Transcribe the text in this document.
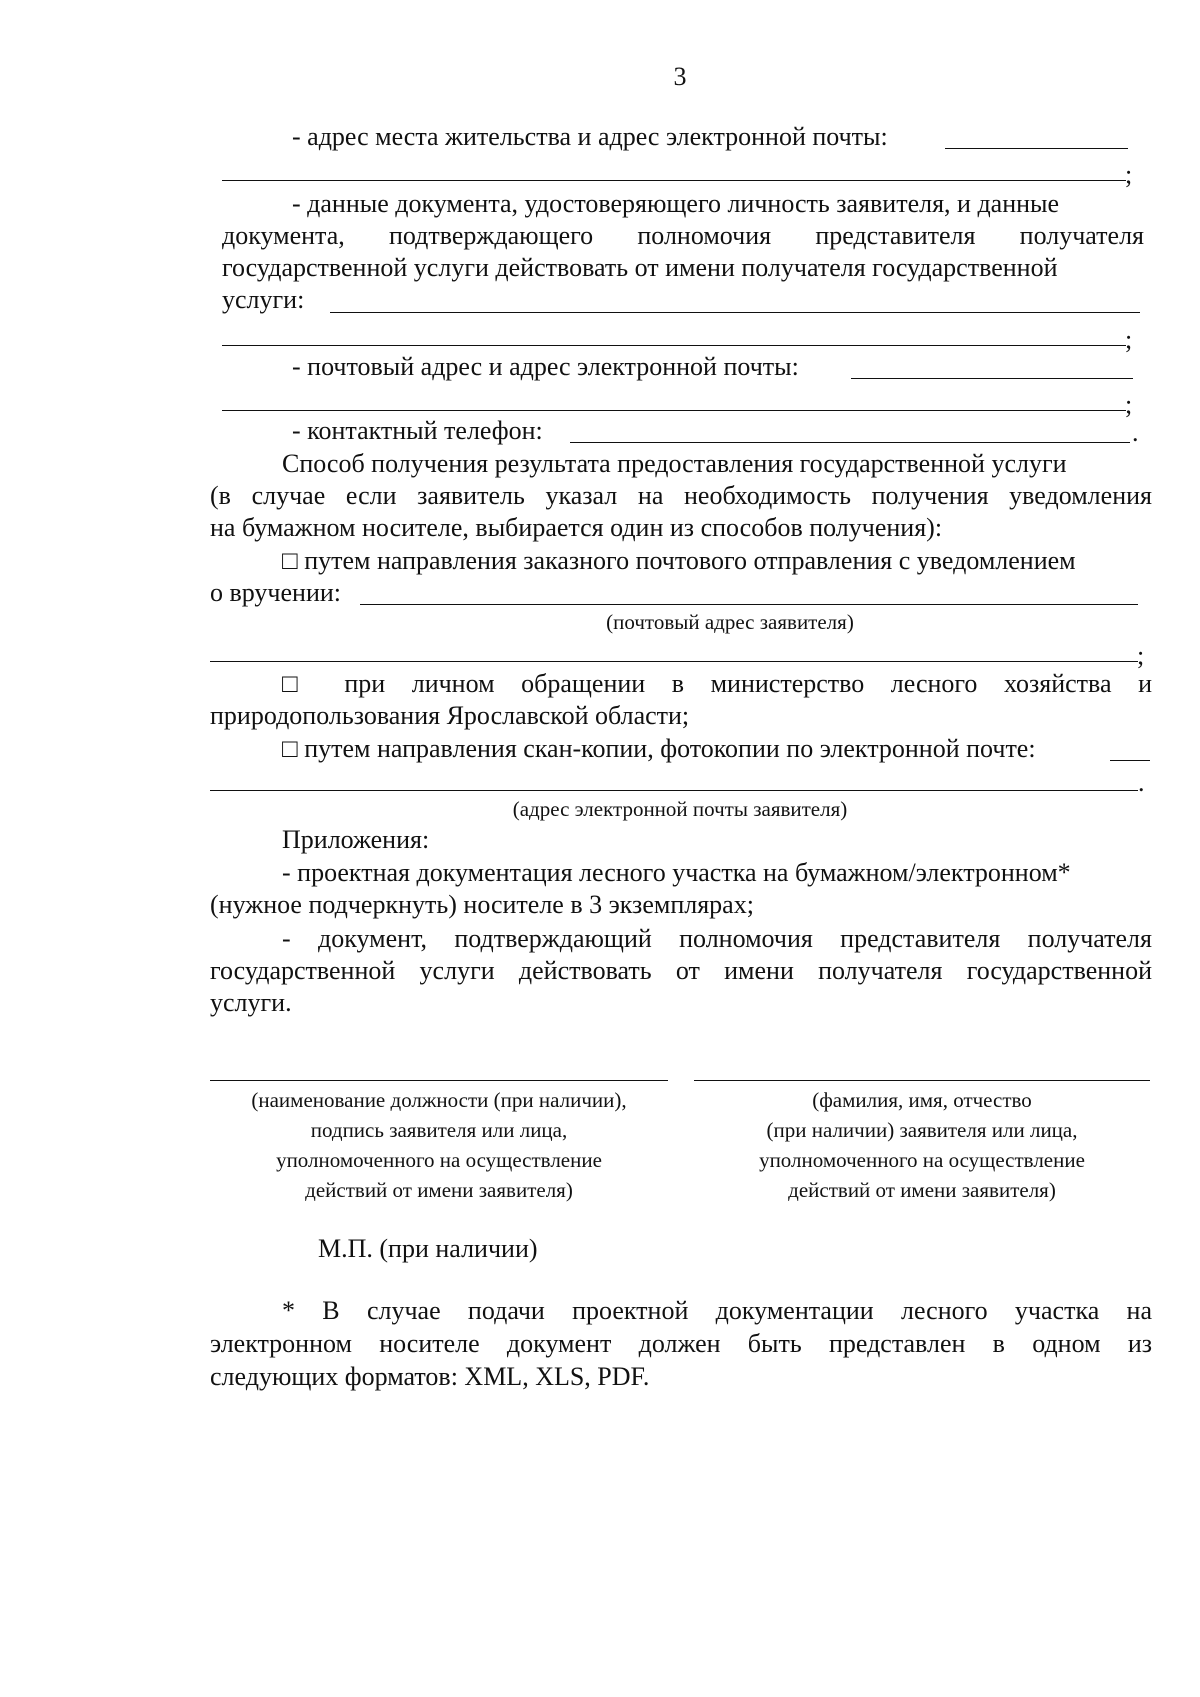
3
- адрес места жительства и адрес электронной почты:
;
- данные документа, удостоверяющего личность заявителя, и данные
документа, подтверждающего полномочия представителя получателя
государственной услуги действовать от имени получателя государственной
услуги:
;
- почтовый адрес и адрес электронной почты:
;
- контактный телефон:	.
Способ получения результата предоставления государственной услуги
(в случае если заявитель указал на необходимость получения уведомления
на бумажном носителе, выбирается один из способов получения):
□ путем направления заказного почтового отправления с уведомлением
о вручении:
(почтовый адрес заявителя)
;
□ при личном обращении в министерство лесного хозяйства и
природопользования Ярославской области;
□ путем направления скан-копии, фотокопии по электронной почте:
.
(адрес электронной почты заявителя)
Приложения:
- проектная документация лесного участка на бумажном/электронном*
(нужное подчеркнуть) носителе в 3 экземплярах;
- документ, подтверждающий полномочия представителя получателя
государственной услуги действовать от имени получателя государственной
услуги.
(наименование должности (при наличии),
подпись заявителя или лица,
уполномоченного на осуществление
действий от имени заявителя)
(фамилия, имя, отчество
(при наличии) заявителя или лица,
уполномоченного на осуществление
действий от имени заявителя)
М.П. (при наличии)
* В случае подачи проектной документации лесного участка на
электронном носителе документ должен быть представлен в одном из
следующих форматов: XML, XLS, PDF.
